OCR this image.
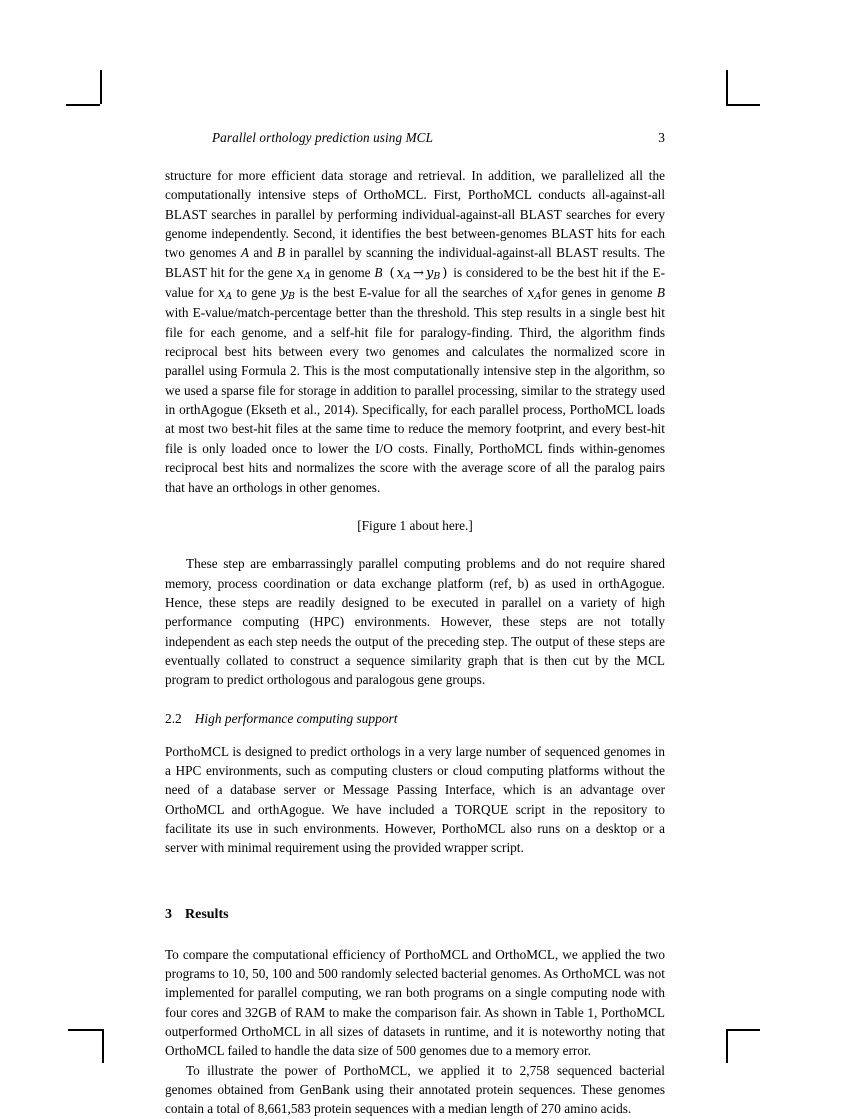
Parallel orthology prediction using MCL	3

structure for more efficient data storage and retrieval. In addition, we parallelized all the computationally intensive steps of OrthoMCL. First, PorthoMCL conducts all-against-all BLAST searches in parallel by performing individual-against-all BLAST searches for every genome independently. Second, it identifies the best between-genomes BLAST hits for each two genomes A and B in parallel by scanning the individual-against-all BLAST results. The BLAST hit for the gene $x_A$ in genome B ( $x_A \to y_B$ ) is considered to be the best hit if the E-value for $x_A$ to gene $y_B$ is the best E-value for all the searches of $x_Afor$ genes in genome B with E-value/match-percentage better than the threshold. This step results in a single best hit file for each genome, and a self-hit file for paralogy-finding. Third, the algorithm finds reciprocal best hits between every two genomes and calculates the normalized score in parallel using Formula 2. This is the most computationally intensive step in the algorithm, so we used a sparse file for storage in addition to parallel processing, similar to the strategy used in orthAgogue (Ekseth et al., 2014). Specifically, for each parallel process, PorthoMCL loads at most two best-hit files at the same time to reduce the memory footprint, and every best-hit file is only loaded once to lower the I/O costs. Finally, PorthoMCL finds within-genomes reciprocal best hits and normalizes the score with the average score of all the paralog pairs that have an orthologs in other genomes.

[Figure 1 about here.]

These step are embarrassingly parallel computing problems and do not require shared memory, process coordination or data exchange platform (ref, b) as used in orthAgogue. Hence, these steps are readily designed to be executed in parallel on a variety of high performance computing (HPC) environments. However, these steps are not totally independent as each step needs the output of the preceding step. The output of these steps are eventually collated to construct a sequence similarity graph that is then cut by the MCL program to predict orthologous and paralogous gene groups.

2.2 High performance computing support

PorthoMCL is designed to predict orthologs in a very large number of sequenced genomes in a HPC environments, such as computing clusters or cloud computing platforms without the need of a database server or Message Passing Interface, which is an advantage over OrthoMCL and orthAgogue. We have included a TORQUE script in the repository to facilitate its use in such environments. However, PorthoMCL also runs on a desktop or a server with minimal requirement using the provided wrapper script.

3 Results

To compare the computational efficiency of PorthoMCL and OrthoMCL, we applied the two programs to 10, 50, 100 and 500 randomly selected bacterial genomes. As OrthoMCL was not implemented for parallel computing, we ran both programs on a single computing node with four cores and 32GB of RAM to make the comparison fair. As shown in Table 1, PorthoMCL outperformed OrthoMCL in all sizes of datasets in runtime, and it is noteworthy noting that OrthoMCL failed to handle the data size of 500 genomes due to a memory error.

To illustrate the power of PorthoMCL, we applied it to 2,758 sequenced bacterial genomes obtained from GenBank using their annotated protein sequences. These genomes contain a total of 8,661,583 protein sequences with a median length of 270 amino acids.
